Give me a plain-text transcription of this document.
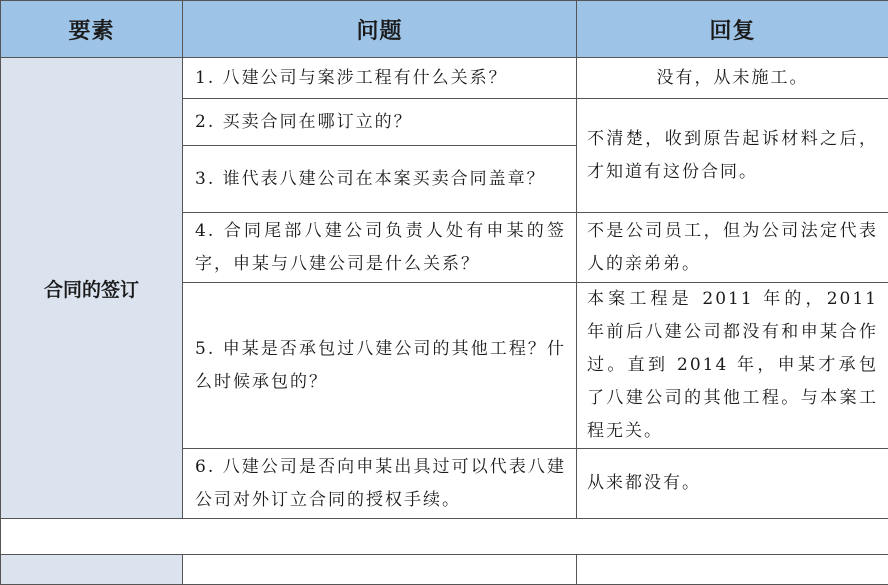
要素	问题	回复
合同的签订	1. 八建公司与案涉工程有什么关系？	没有，从未施工。
	2. 买卖合同在哪订立的？	不清楚，收到原告起诉材料之后，才知道有这份合同。
	3. 谁代表八建公司在本案买卖合同盖章？	
	4. 合同尾部八建公司负责人处有申某的签字，申某与八建公司是什么关系？	不是公司员工，但为公司法定代表人的亲弟弟。
	5. 申某是否承包过八建公司的其他工程？什么时候承包的？	本案工程是 2011 年的，2011 年前后八建公司都没有和申某合作过。直到 2014 年，申某才承包了八建公司的其他工程。与本案工程无关。
	6. 八建公司是否向申某出具过可以代表八建公司对外订立合同的授权手续。	从来都没有。
